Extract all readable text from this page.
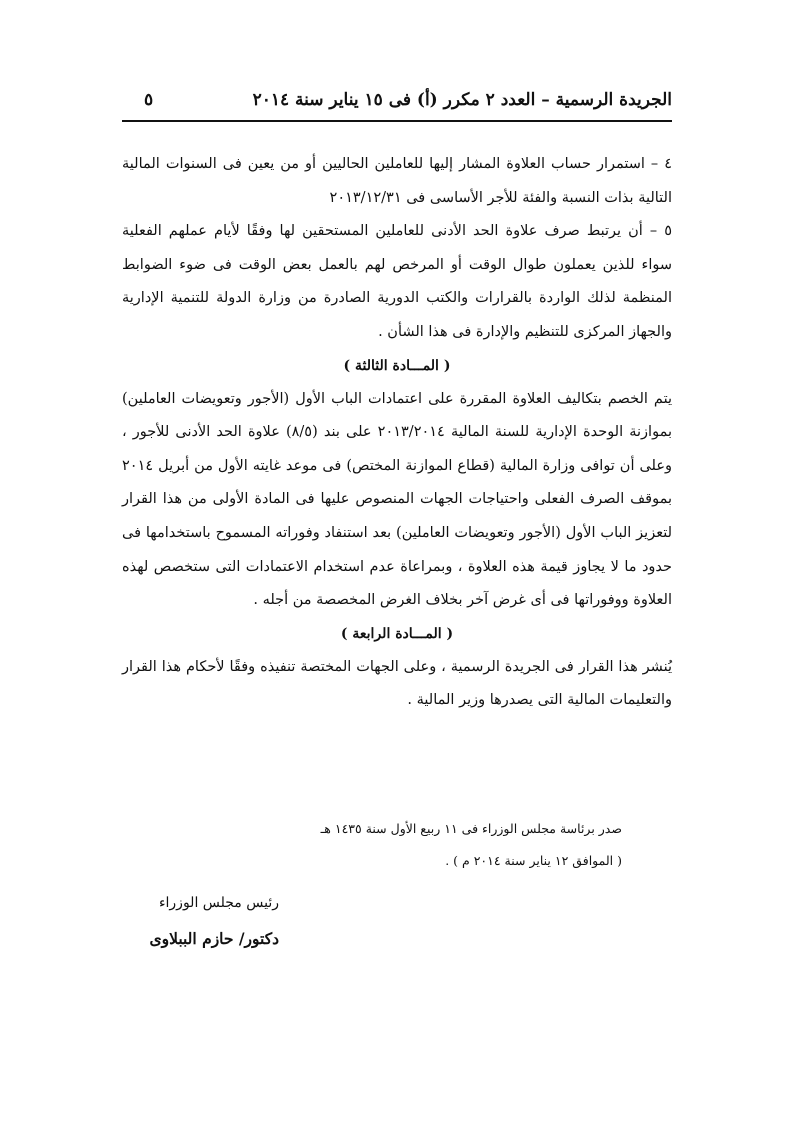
الجريدة الرسمية – العدد ٢ مكرر (أ) فى ١٥ يناير سنة ٢٠١٤
٥

٤ – استمرار حساب العلاوة المشار إليها للعاملين الحاليين أو من يعين فى السنوات المالية التالية بذات النسبة والفئة للأجر الأساسى فى ٢٠١٣/١٢/٣١

٥ – أن يرتبط صرف علاوة الحد الأدنى للعاملين المستحقين لها وفقًا لأيام عملهم الفعلية سواء للذين يعملون طوال الوقت أو المرخص لهم بالعمل بعض الوقت فى ضوء الضوابط المنظمة لذلك الواردة بالقرارات والكتب الدورية الصادرة من وزارة الدولة للتنمية الإدارية والجهاز المركزى للتنظيم والإدارة فى هذا الشأن .

( المـــادة الثالثة )

يتم الخصم بتكاليف العلاوة المقررة على اعتمادات الباب الأول (الأجور وتعويضات العاملين) بموازنة الوحدة الإدارية للسنة المالية ٢٠١٣/٢٠١٤ على بند (٨/٥) علاوة الحد الأدنى للأجور ، وعلى أن توافى وزارة المالية (قطاع الموازنة المختص) فى موعد غايته الأول من أبريل ٢٠١٤ بموقف الصرف الفعلى واحتياجات الجهات المنصوص عليها فى المادة الأولى من هذا القرار لتعزيز الباب الأول (الأجور وتعويضات العاملين) بعد استنفاد وفوراته المسموح باستخدامها فى حدود ما لا يجاوز قيمة هذه العلاوة ، وبمراعاة عدم استخدام الاعتمادات التى ستخصص لهذه العلاوة ووفوراتها فى أى غرض آخر بخلاف الغرض المخصصة من أجله .

( المـــادة الرابعة )

يُنشر هذا القرار فى الجريدة الرسمية ، وعلى الجهات المختصة تنفيذه وفقًا لأحكام هذا القرار والتعليمات المالية التى يصدرها وزير المالية .

صدر برئاسة مجلس الوزراء فى ١١ ربيع الأول سنة ١٤٣٥ هـ
( الموافق ١٢ يناير سنة ٢٠١٤ م ) .
رئيس مجلس الوزراء
دكتور/ حازم الببلاوى
